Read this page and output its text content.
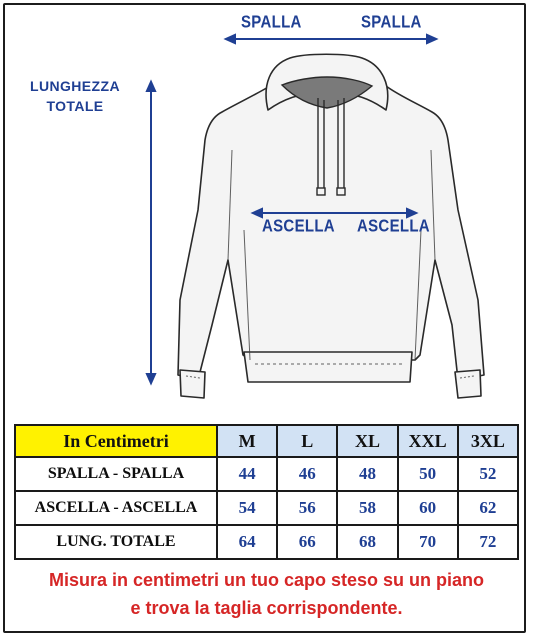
SPALLA	SPALLA
ASCELLA ASCELLA
LUNGHEZZA
TOTALE
In Centimetri	M	L	XL	XXL	3XL
SPALLA - SPALLA	44	46	48	50	52
ASCELLA - ASCELLA	54	56	58	60	62
LUNG. TOTALE	64	66	68	70	72
Misura in centimetri un tuo capo steso su un piano
e trova la taglia corrispondente.
